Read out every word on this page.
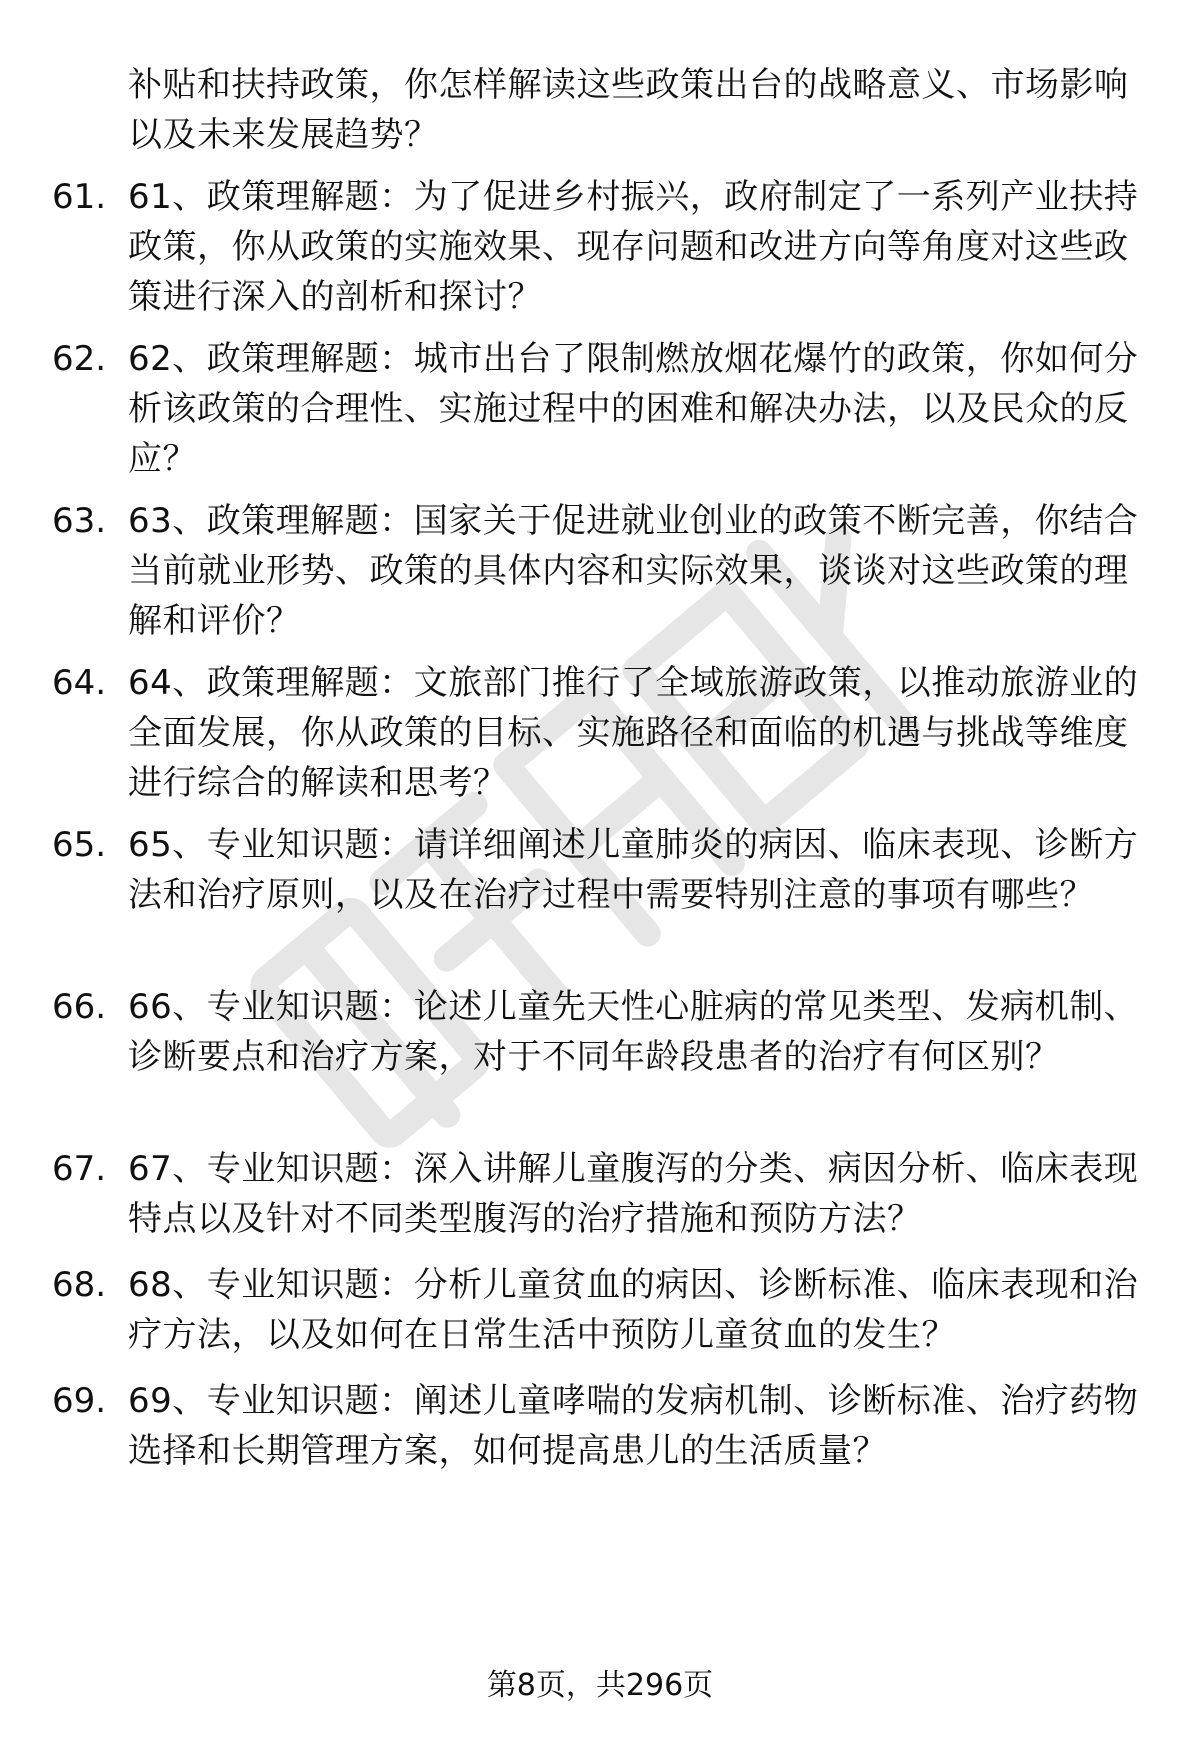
补贴和扶持政策，你怎样解读这些政策出台的战略意义、市场影响以及未来发展趋势？
61. 61、政策理解题：为了促进乡村振兴，政府制定了一系列产业扶持政策，你从政策的实施效果、现存问题和改进方向等角度对这些政策进行深入的剖析和探讨？
62. 62、政策理解题：城市出台了限制燃放烟花爆竹的政策，你如何分析该政策的合理性、实施过程中的困难和解决办法，以及民众的反应？
63. 63、政策理解题：国家关于促进就业创业的政策不断完善，你结合当前就业形势、政策的具体内容和实际效果，谈谈对这些政策的理解和评价？
64. 64、政策理解题：文旅部门推行了全域旅游政策，以推动旅游业的全面发展，你从政策的目标、实施路径和面临的机遇与挑战等维度进行综合的解读和思考？
65. 65、专业知识题：请详细阐述儿童肺炎的病因、临床表现、诊断方法和治疗原则，以及在治疗过程中需要特别注意的事项有哪些？
66. 66、专业知识题：论述儿童先天性心脏病的常见类型、发病机制、诊断要点和治疗方案，对于不同年龄段患者的治疗有何区别？
67. 67、专业知识题：深入讲解儿童腹泻的分类、病因分析、临床表现特点以及针对不同类型腹泻的治疗措施和预防方法？
68. 68、专业知识题：分析儿童贫血的病因、诊断标准、临床表现和治疗方法，以及如何在日常生活中预防儿童贫血的发生？
69. 69、专业知识题：阐述儿童哮喘的发病机制、诊断标准、治疗药物选择和长期管理方案，如何提高患儿的生活质量？
第8页，共296页
